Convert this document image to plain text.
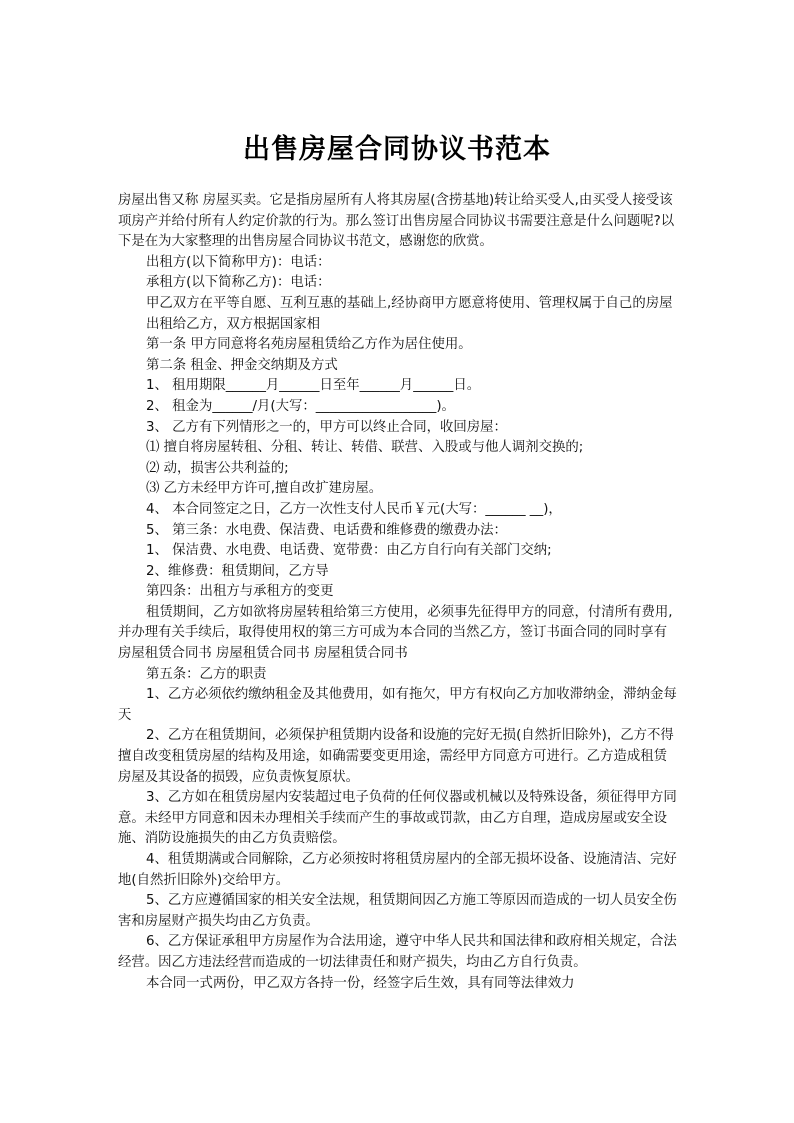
出售房屋合同协议书范本

房屋出售又称 房屋买卖。它是指房屋所有人将其房屋(含捞基地)转让给买受人,由买受人接受该项房产并给付所有人约定价款的行为。那么签订出售房屋合同协议书需要注意是什么问题呢?以下是在为大家整理的出售房屋合同协议书范文，感谢您的欣赏。

出租方(以下简称甲方)：电话：

承租方(以下简称乙方)：电话：

甲乙双方在平等自愿、互利互惠的基础上,经协商甲方愿意将使用、管理权属于自己的房屋

出租给乙方，双方根据国家相

第一条 甲方同意将名苑房屋租赁给乙方作为居住使用。

第二条 租金、押金交纳期及方式

1、 租用期限______月______日至年______月______日。

2、 租金为______/月(大写：__________________)。

3、 乙方有下列情形之一的，甲方可以终止合同，收回房屋：

⑴ 擅自将房屋转租、分租、转让、转借、联营、入股或与他人调剂交换的;

⑵ 动，损害公共利益的;

⑶ 乙方未经甲方许可,擅自改扩建房屋。

4、 本合同签定之日，乙方一次性支付人民币￥元(大写：______ __)，

5、 第三条：水电费、保洁费、电话费和维修费的缴费办法：

1、 保洁费、水电费、电话费、宽带费：由乙方自行向有关部门交纳;

2、维修费：租赁期间，乙方导

第四条：出租方与承租方的变更

租赁期间，乙方如欲将房屋转租给第三方使用，必须事先征得甲方的同意，付清所有费用,并办理有关手续后，取得使用权的第三方可成为本合同的当然乙方，签订书面合同的同时享有房屋租赁合同书 房屋租赁合同书 房屋租赁合同书

第五条：乙方的职责

1、乙方必须依约缴纳租金及其他费用，如有拖欠，甲方有权向乙方加收滞纳金，滞纳金每天

2、乙方在租赁期间，必须保护租赁期内设备和设施的完好无损(自然折旧除外)，乙方不得擅自改变租赁房屋的结构及用途，如确需要变更用途，需经甲方同意方可进行。乙方造成租赁房屋及其设备的损毁，应负责恢复原状。

3、乙方如在租赁房屋内安装超过电子负荷的任何仪器或机械以及特殊设备，须征得甲方同意。未经甲方同意和因未办理相关手续而产生的事故或罚款，由乙方自理，造成房屋或安全设施、消防设施损失的由乙方负责赔偿。

4、租赁期满或合同解除，乙方必须按时将租赁房屋内的全部无损坏设备、设施清洁、完好地(自然折旧除外)交给甲方。

5、乙方应遵循国家的相关安全法规，租赁期间因乙方施工等原因而造成的一切人员安全伤害和房屋财产损失均由乙方负责。

6、乙方保证承租甲方房屋作为合法用途，遵守中华人民共和国法律和政府相关规定，合法经营。因乙方违法经营而造成的一切法律责任和财产损失，均由乙方自行负责。

本合同一式两份，甲乙双方各持一份，经签字后生效，具有同等法律效力
